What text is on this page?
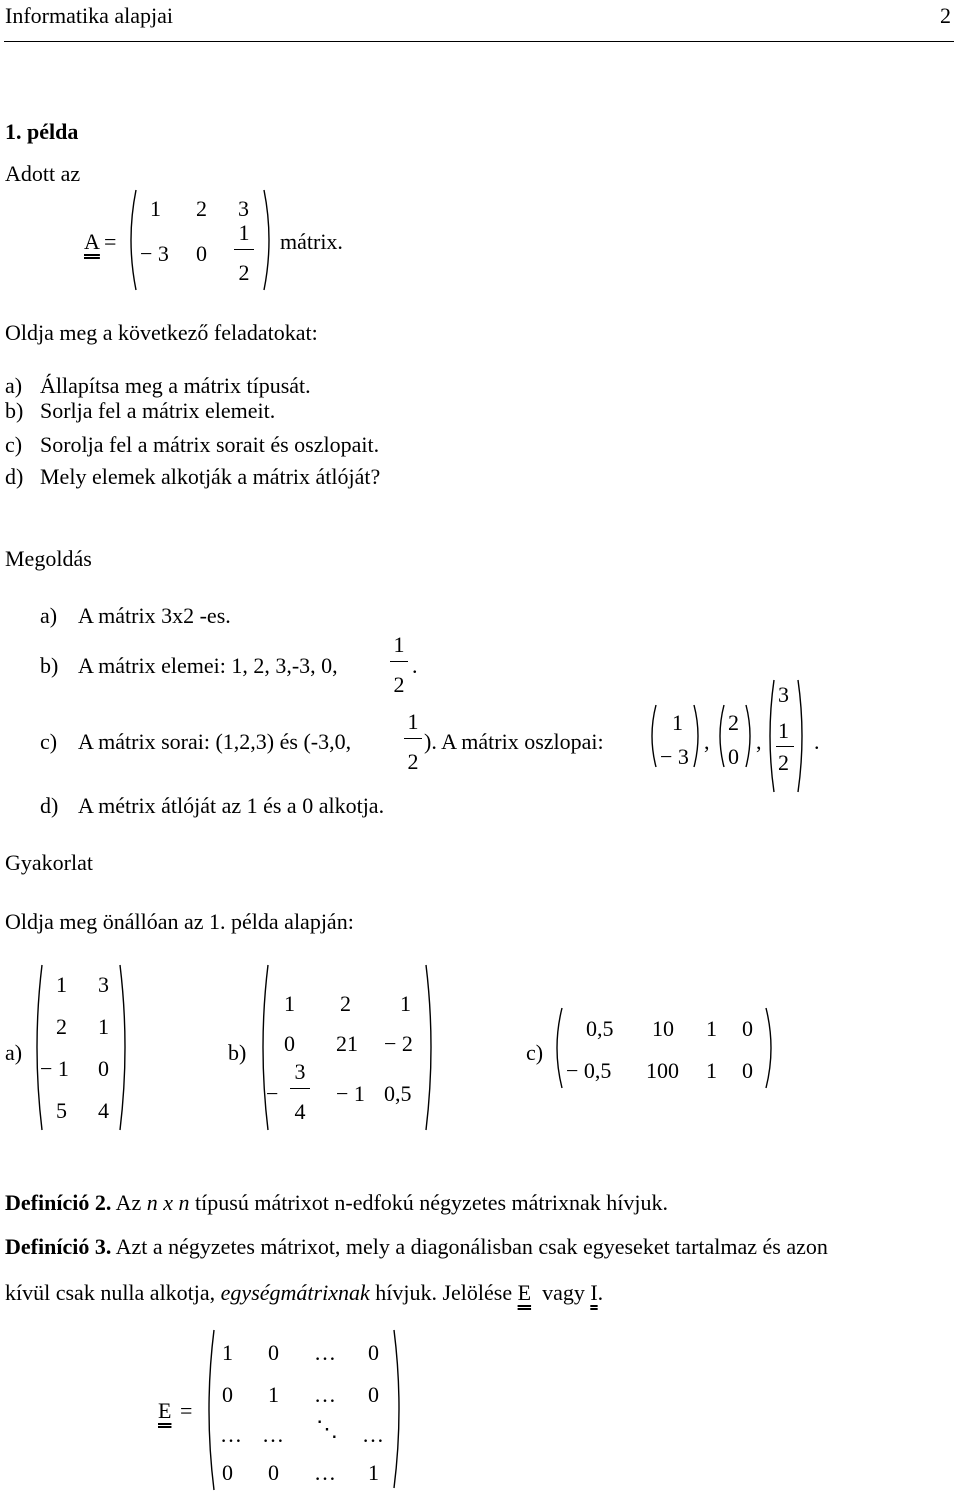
Informatika alapjai	2
1. példa
Adott az
A =
1 2 3
− 3 0
1
2
mátrix.
Oldja meg a következő feladatokat:
a) Állapítsa meg a mátrix típusát.
b) Sorlja fel a mátrix elemeit.
c) Sorolja fel a mátrix sorait és oszlopait.
d) Mely elemek alkotják a mátrix átlóját?
Megoldás
a) A mátrix 3x2 -es.
b) A mátrix elemei: 1, 2, 3,-3, 0,
1
2
.
c) A mátrix sorai: (1,2,3) és (-3,0,
1
2
). A mátrix oszlopai:
1
− 3
,
2
0
,
3
1
2
.
d) A métrix átlóját az 1 és a 0 alkotja.
Gyakorlat
Oldja meg önállóan az 1. példa alapján:
a)
1 3
2 1
− 1 0
5 4
b)
1 2 1
0 21 − 2
−
3
4
− 1 0,5
c)
0,5 10 1 0
− 0,5 100 1 0
Definíció 2. Az n x n típusú mátrixot n-edfokú négyzetes mátrixnak hívjuk.
Definíció 3. Azt a négyzetes mátrixot, mely a diagonálisban csak egyeseket tartalmaz és azon
kívül csak nulla alkotja, egységmátrixnak hívjuk. Jelölése E vagy I.
E =
1 0 … 0
0 1 … 0
… … ⋱ …
0 0 … 1
